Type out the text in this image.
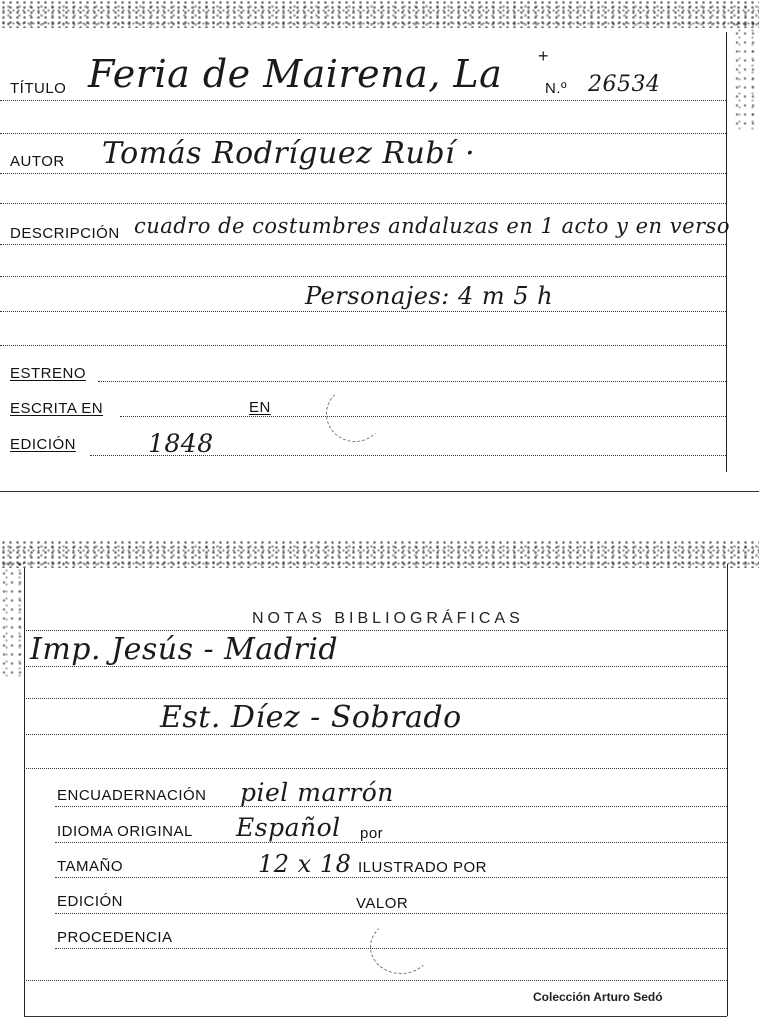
TÍTULO Feria de Mairena, La	N.º 26534
+
AUTOR Tomás Rodríguez Rubí ·
DESCRIPCIÓN cuadro de costumbres andaluzas en 1 acto y en verso
Personajes: 4 m 5 h
ESTRENO
ESCRITA EN	EN
EDICIÓN	1848
NOTAS BIBLIOGRÁFICAS
Imp. Jesús - Madrid
Est. Díez - Sobrado
ENCUADERNACIÓN piel marrón
IDIOMA ORIGINAL Español por
TAMAÑO	12 x 18 ILUSTRADO POR
EDICIÓN	VALOR
PROCEDENCIA
Colección Arturo Sedó
